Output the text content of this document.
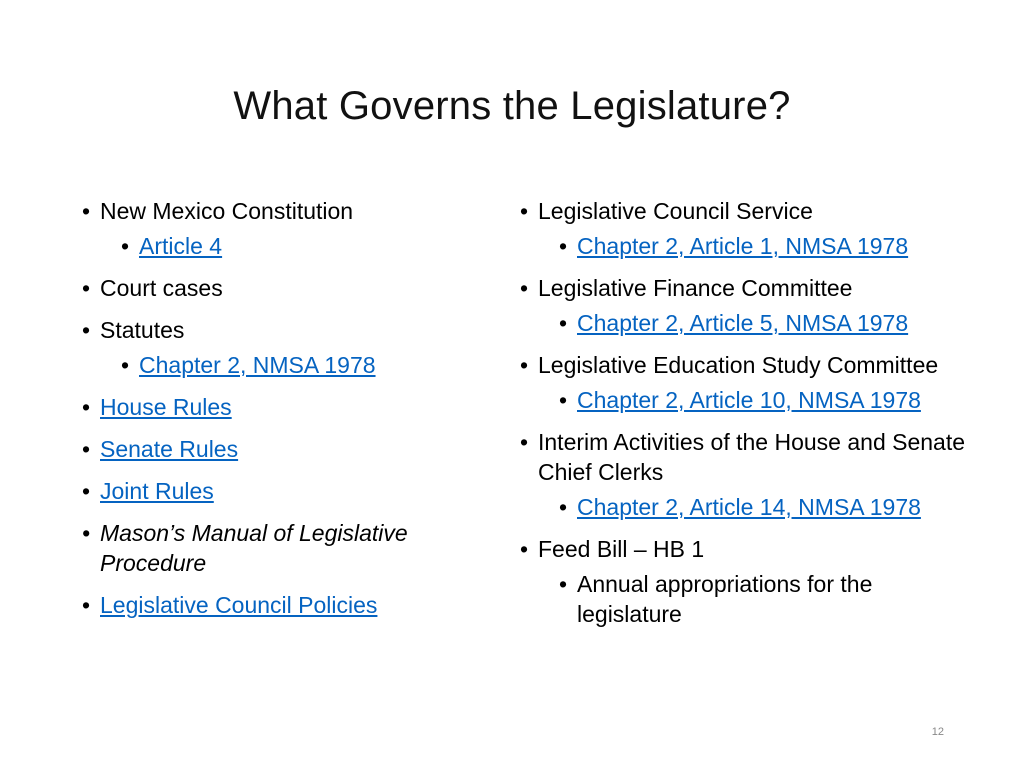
What Governs the Legislature?
• New Mexico Constitution
• Article 4
• Court cases
• Statutes
• Chapter 2, NMSA 1978
• House Rules
• Senate Rules
• Joint Rules
• Mason’s Manual of Legislative Procedure
• Legislative Council Policies
• Legislative Council Service
• Chapter 2, Article 1, NMSA 1978
• Legislative Finance Committee
• Chapter 2, Article 5, NMSA 1978
• Legislative Education Study Committee
• Chapter 2, Article 10, NMSA 1978
• Interim Activities of the House and Senate Chief Clerks
• Chapter 2, Article 14, NMSA 1978
• Feed Bill – HB 1
• Annual appropriations for the legislature
12
